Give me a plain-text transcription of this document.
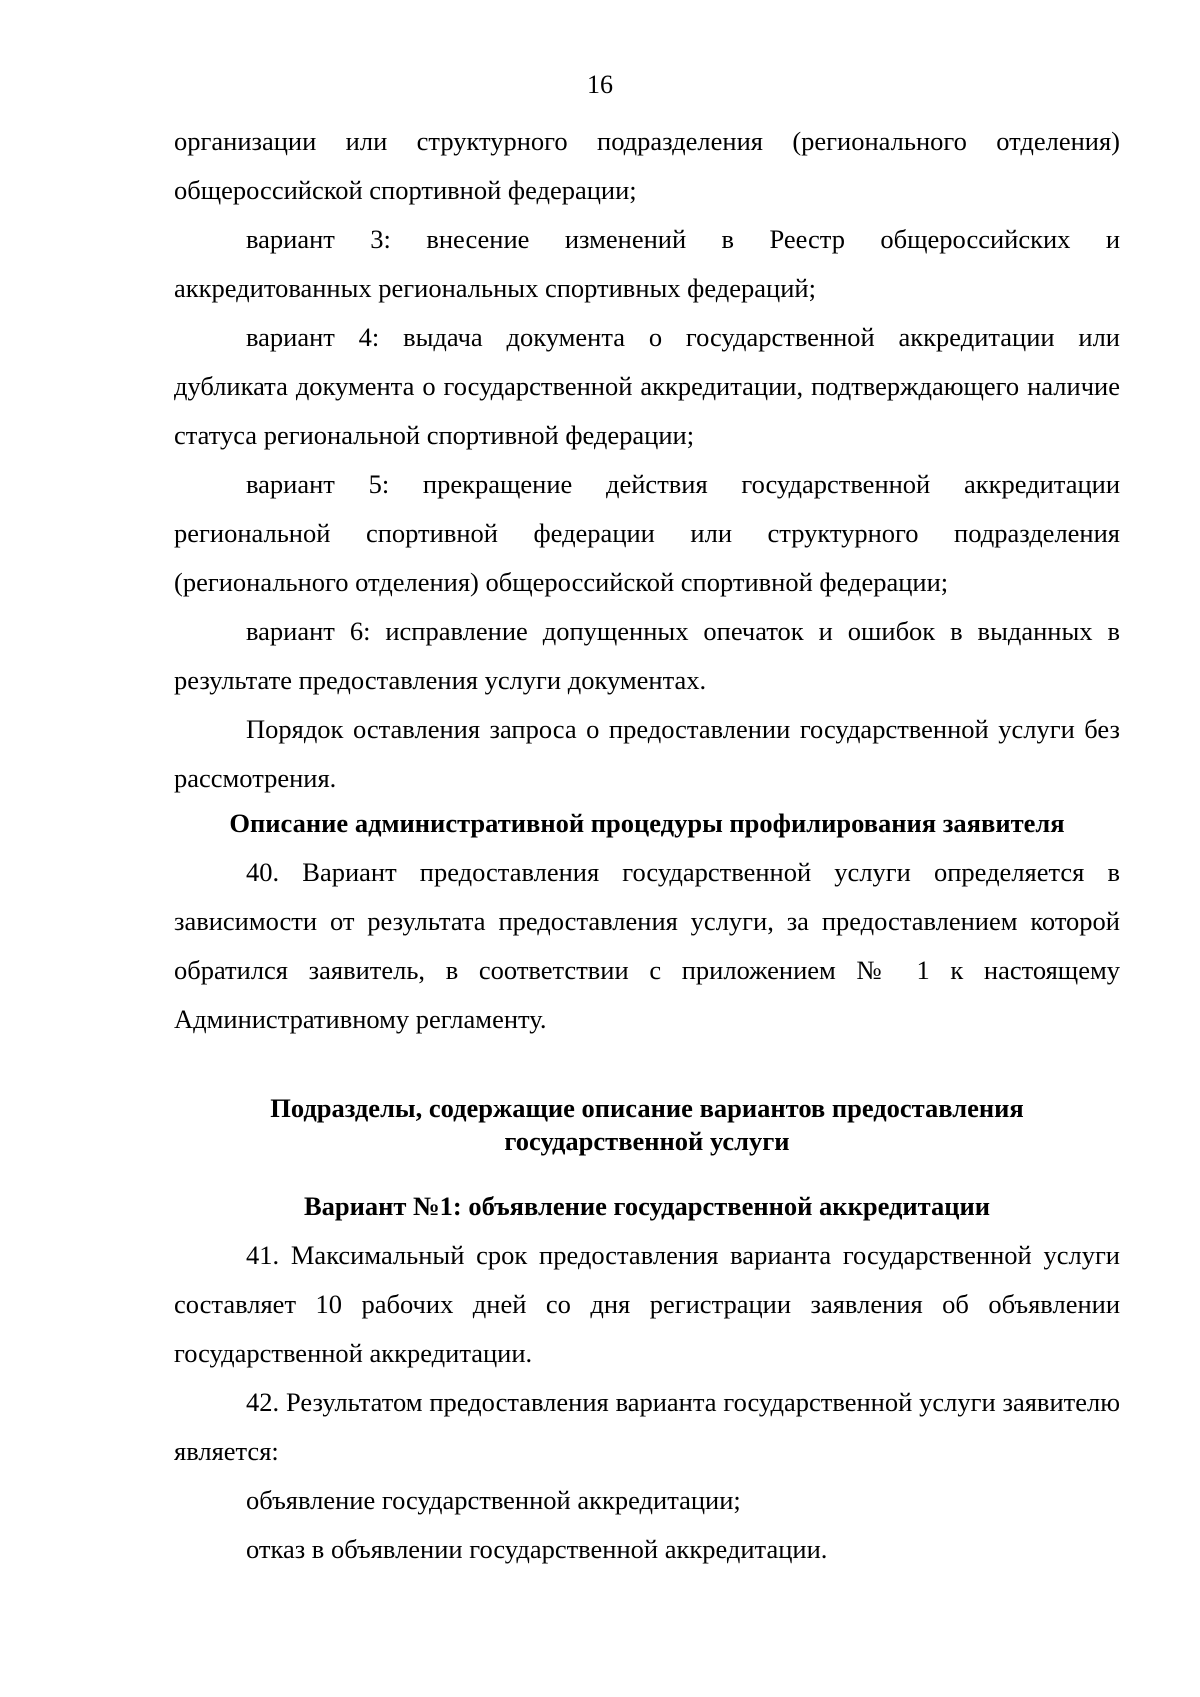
16

организации или структурного подразделения (регионального отделения) общероссийской спортивной федерации;

вариант 3: внесение изменений в Реестр общероссийских и аккредитованных региональных спортивных федераций;

вариант 4: выдача документа о государственной аккредитации или дубликата документа о государственной аккредитации, подтверждающего наличие статуса региональной спортивной федерации;

вариант 5: прекращение действия государственной аккредитации региональной спортивной федерации или структурного подразделения (регионального отделения) общероссийской спортивной федерации;

вариант 6: исправление допущенных опечаток и ошибок в выданных в результате предоставления услуги документах.

Порядок оставления запроса о предоставлении государственной услуги без рассмотрения.

Описание административной процедуры профилирования заявителя

40. Вариант предоставления государственной услуги определяется в зависимости от результата предоставления услуги, за предоставлением которой обратился заявитель, в соответствии с приложением № 1 к настоящему Административному регламенту.

Подразделы, содержащие описание вариантов предоставления

государственной услуги

Вариант №1: объявление государственной аккредитации

41. Максимальный срок предоставления варианта государственной услуги составляет 10 рабочих дней со дня регистрации заявления об объявлении государственной аккредитации.

42. Результатом предоставления варианта государственной услуги заявителю является:

объявление государственной аккредитации;

отказ в объявлении государственной аккредитации.
